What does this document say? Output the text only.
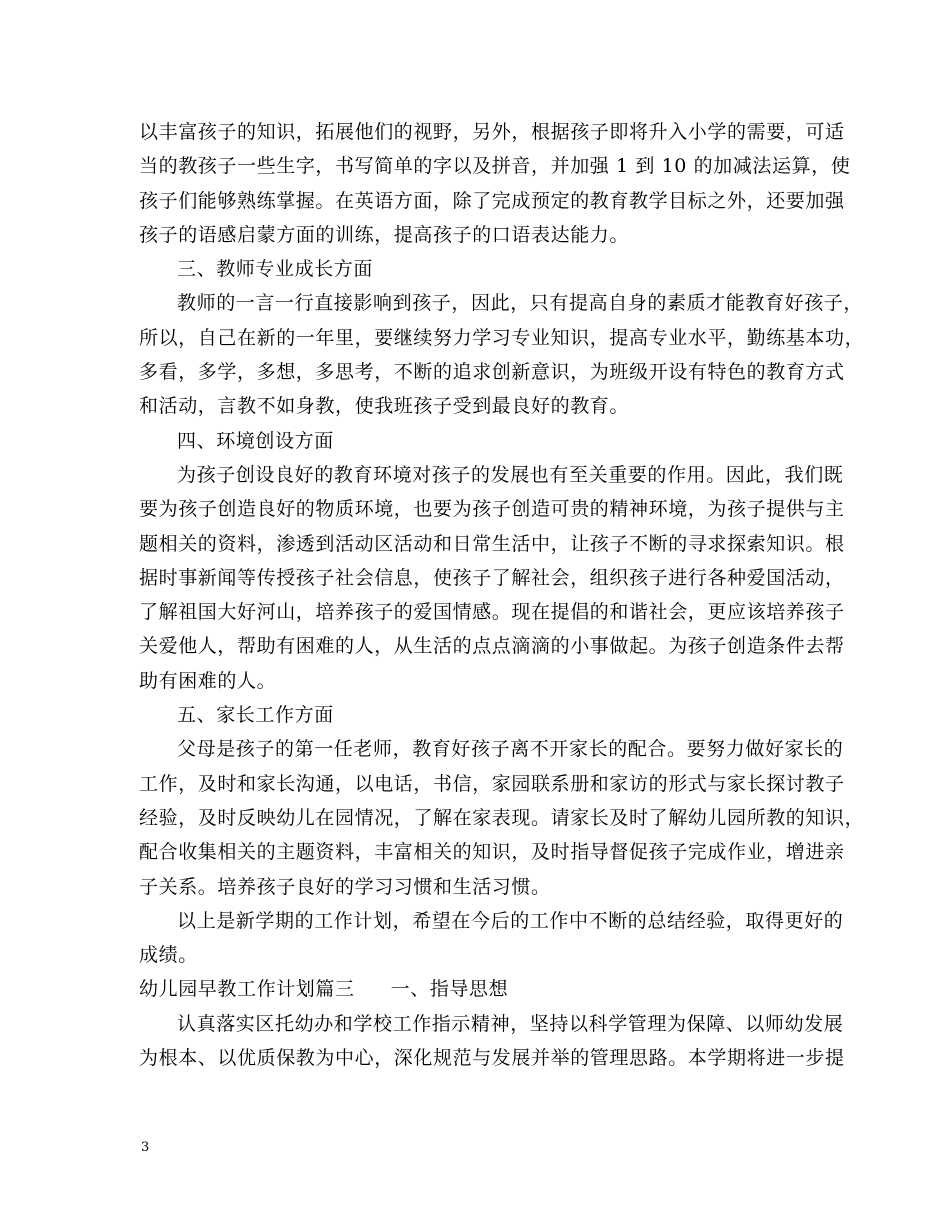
以丰富孩子的知识，拓展他们的视野，另外，根据孩子即将升入小学的需要，可适
当的教孩子一些生字，书写简单的字以及拼音，并加强 1 到 10 的加减法运算，使
孩子们能够熟练掌握。在英语方面，除了完成预定的教育教学目标之外，还要加强
孩子的语感启蒙方面的训练，提高孩子的口语表达能力。
三、教师专业成长方面
教师的一言一行直接影响到孩子，因此，只有提高自身的素质才能教育好孩子，
所以，自己在新的一年里，要继续努力学习专业知识，提高专业水平，勤练基本功，
多看，多学，多想，多思考，不断的追求创新意识，为班级开设有特色的教育方式
和活动，言教不如身教，使我班孩子受到最良好的教育。
四、环境创设方面
为孩子创设良好的教育环境对孩子的发展也有至关重要的作用。因此，我们既
要为孩子创造良好的物质环境，也要为孩子创造可贵的精神环境，为孩子提供与主
题相关的资料，渗透到活动区活动和日常生活中，让孩子不断的寻求探索知识。根
据时事新闻等传授孩子社会信息，使孩子了解社会，组织孩子进行各种爱国活动，
了解祖国大好河山，培养孩子的爱国情感。现在提倡的和谐社会，更应该培养孩子
关爱他人，帮助有困难的人，从生活的点点滴滴的小事做起。为孩子创造条件去帮
助有困难的人。
五、家长工作方面
父母是孩子的第一任老师，教育好孩子离不开家长的配合。要努力做好家长的
工作，及时和家长沟通，以电话，书信，家园联系册和家访的形式与家长探讨教子
经验，及时反映幼儿在园情况，了解在家表现。请家长及时了解幼儿园所教的知识，
配合收集相关的主题资料，丰富相关的知识，及时指导督促孩子完成作业，增进亲
子关系。培养孩子良好的学习习惯和生活习惯。
以上是新学期的工作计划，希望在今后的工作中不断的总结经验，取得更好的
成绩。
幼儿园早教工作计划篇三 一、指导思想
认真落实区托幼办和学校工作指示精神，坚持以科学管理为保障、以师幼发展
为根本、以优质保教为中心，深化规范与发展并举的管理思路。本学期将进一步提
3
